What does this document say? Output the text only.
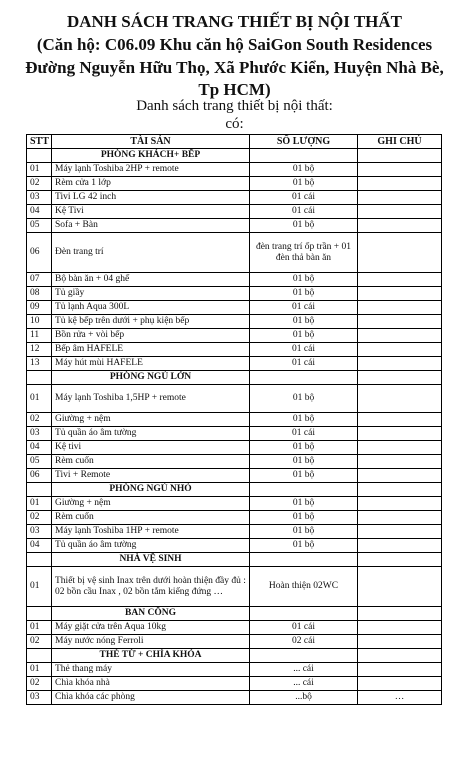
DANH SÁCH TRANG THIẾT BỊ NỘI THẤT
(Căn hộ: C06.09 Khu căn hộ SaiGon South Residences
Đường Nguyễn Hữu Thọ, Xã Phước Kiển, Huyện Nhà Bè,
Tp HCM)
Danh sách trang thiết bị nội thất:
có:
STT	TÀI SẢN	SỐ LƯỢNG	GHI CHÚ
	PHÒNG KHÁCH+ BẾP		
01	Máy lạnh Toshiba 2HP + remote	01 bộ	
02	Rèm cửa 1 lớp	01 bộ	
03	Tivi LG 42 inch	01 cái	
04	Kệ Tivi	01 cái	
05	Sofa + Bàn	01 bộ	
06	Đèn trang trí	đèn trang trí ốp trần + 01 đèn thả bàn ăn	
07	Bộ bàn ăn + 04 ghế	01 bộ	
08	Tủ giầy	01 bộ	
09	Tủ lạnh Aqua 300L	01 cái	
10	Tủ kệ bếp trên dưới + phụ kiện bếp	01 bộ	
11	Bồn rửa + vòi bếp	01 bộ	
12	Bếp âm HAFELE	01 cái	
13	Máy hút mùi HAFELE	01 cái	
	PHÒNG NGỦ LỚN		
01	Máy lạnh Toshiba 1,5HP + remote	01 bộ	
02	Giường + nệm	01 bộ	
03	Tủ quần áo âm tường	01 cái	
04	Kệ tivi	01 bộ	
05	Rèm cuốn	01 bộ	
06	Tivi + Remote	01 bộ	
	PHÒNG NGỦ NHỎ		
01	Giường + nệm	01 bộ	
02	Rèm cuốn	01 bộ	
03	Máy lạnh Toshiba 1HP + remote	01 bộ	
04	Tủ quần áo âm tường	01 bộ	
	NHÀ VỆ SINH		
01	Thiết bị vệ sinh Inax trên dưới hoàn thiện đầy đủ : 02 bồn cầu Inax , 02 bồn tắm kiếng đứng …	Hoàn thiện 02WC	
	BAN CÔNG		
01	Máy giặt cửa trên Aqua 10kg	01 cái	
02	Máy nước nóng Ferroli	02 cái	
	THẺ TỪ + CHÌA KHÓA		
01	Thẻ thang máy	... cái	
02	Chìa khóa nhà	... cái	
03	Chìa khóa các phòng	...bộ	…
